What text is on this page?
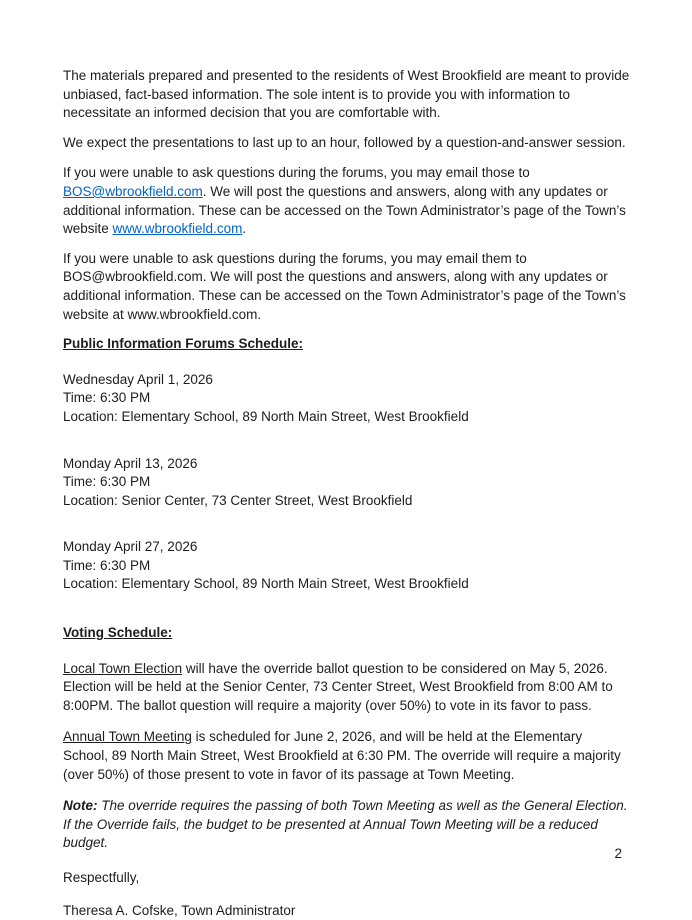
The materials prepared and presented to the residents of West Brookfield are meant to provide unbiased, fact-based information. The sole intent is to provide you with information to necessitate an informed decision that you are comfortable with.

We expect the presentations to last up to an hour, followed by a question-and-answer session.

If you were unable to ask questions during the forums, you may email those to BOS@wbrookfield.com. We will post the questions and answers, along with any updates or additional information. These can be accessed on the Town Administrator’s page of the Town’s website www.wbrookfield.com.

If you were unable to ask questions during the forums, you may email them to BOS@wbrookfield.com. We will post the questions and answers, along with any updates or additional information. These can be accessed on the Town Administrator’s page of the Town’s website at www.wbrookfield.com.

Public Information Forums Schedule:

Wednesday April 1, 2026
Time: 6:30 PM
Location: Elementary School, 89 North Main Street, West Brookfield
Monday April 13, 2026
Time: 6:30 PM
Location: Senior Center, 73 Center Street, West Brookfield
Monday April 27, 2026
Time: 6:30 PM
Location: Elementary School, 89 North Main Street, West Brookfield

Voting Schedule:

Local Town Election will have the override ballot question to be considered on May 5, 2026. Election will be held at the Senior Center, 73 Center Street, West Brookfield from 8:00 AM to 8:00PM. The ballot question will require a majority (over 50%) to vote in its favor to pass.

Annual Town Meeting is scheduled for June 2, 2026, and will be held at the Elementary School, 89 North Main Street, West Brookfield at 6:30 PM. The override will require a majority (over 50%) of those present to vote in favor of its passage at Town Meeting.

Note: The override requires the passing of both Town Meeting as well as the General Election. If the Override fails, the budget to be presented at Annual Town Meeting will be a reduced budget.

Respectfully,

Theresa A. Cofske, Town Administrator

2
